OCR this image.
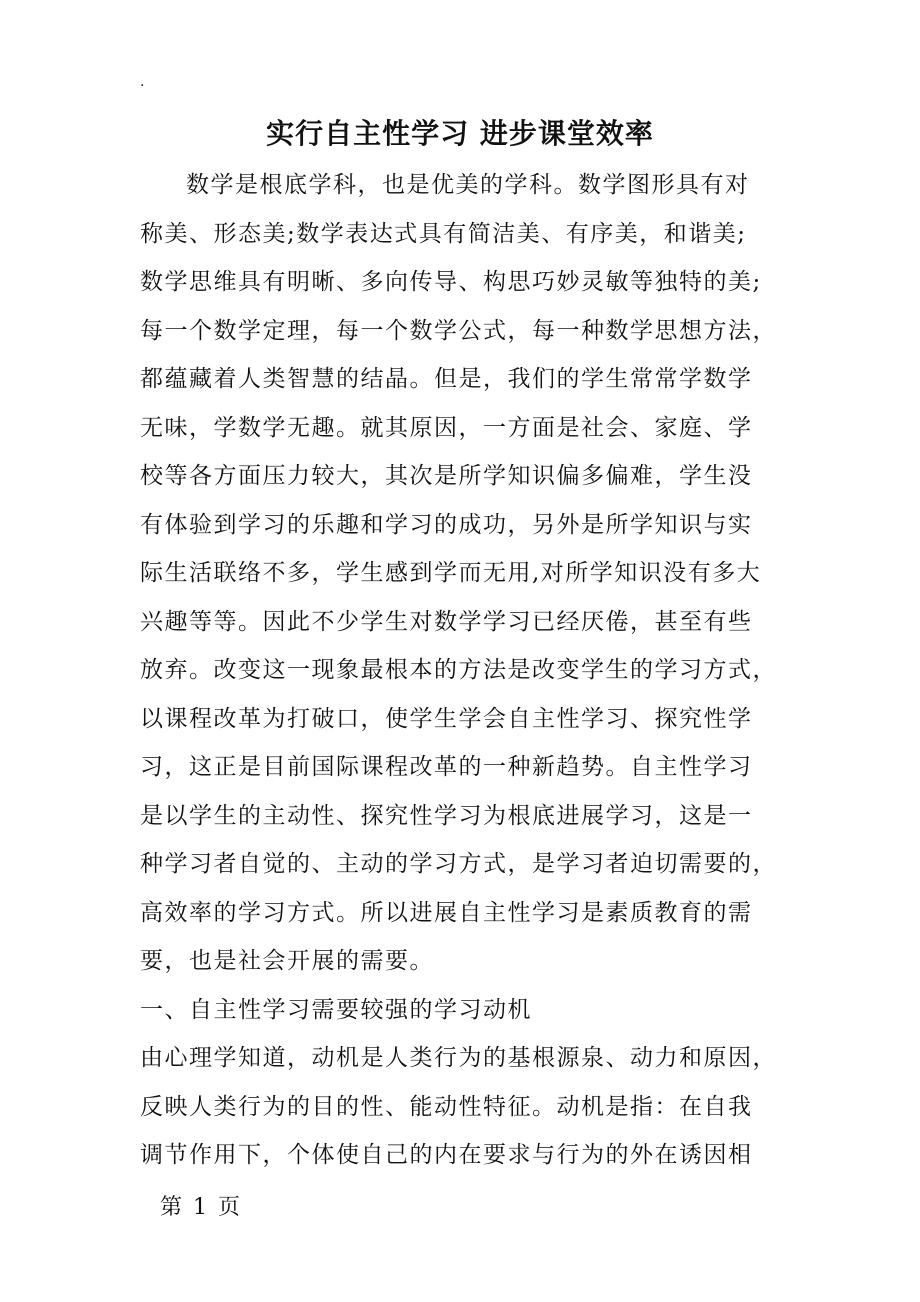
.
实行自主性学习 进步课堂效率
数学是根底学科，也是优美的学科。数学图形具有对
称美、形态美;数学表达式具有简洁美、有序美，和谐美;
数学思维具有明晰、多向传导、构思巧妙灵敏等独特的美;
每一个数学定理，每一个数学公式，每一种数学思想方法，
都蕴藏着人类智慧的结晶。但是，我们的学生常常学数学
无味，学数学无趣。就其原因，一方面是社会、家庭、学
校等各方面压力较大，其次是所学知识偏多偏难，学生没
有体验到学习的乐趣和学习的成功，另外是所学知识与实
际生活联络不多，学生感到学而无用,对所学知识没有多大
兴趣等等。因此不少学生对数学学习已经厌倦，甚至有些
放弃。改变这一现象最根本的方法是改变学生的学习方式，
以课程改革为打破口，使学生学会自主性学习、探究性学
习，这正是目前国际课程改革的一种新趋势。自主性学习
是以学生的主动性、探究性学习为根底进展学习，这是一
种学习者自觉的、主动的学习方式，是学习者迫切需要的，
高效率的学习方式。所以进展自主性学习是素质教育的需
要，也是社会开展的需要。
一、自主性学习需要较强的学习动机
由心理学知道，动机是人类行为的基根源泉、动力和原因，
反映人类行为的目的性、能动性特征。动机是指：在自我
调节作用下，个体使自己的内在要求与行为的外在诱因相
第 1 页
